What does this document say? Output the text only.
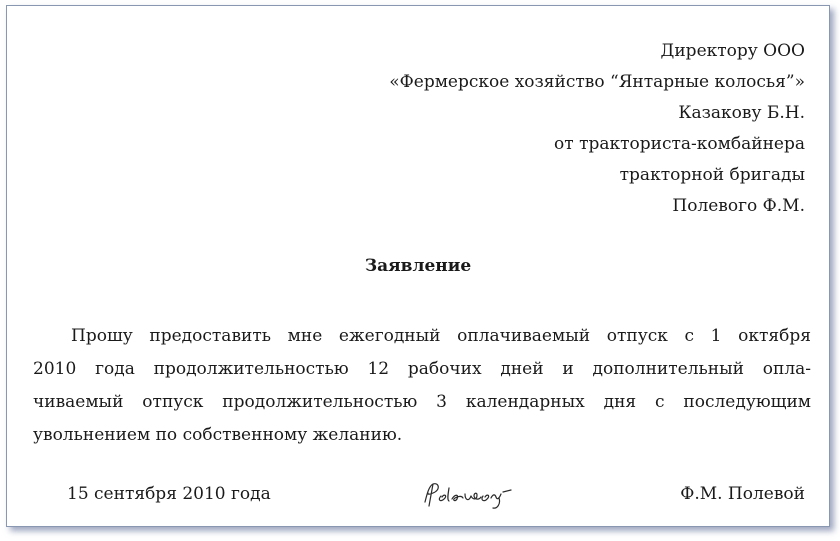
Директору ООО
«Фермерское хозяйство “Янтарные колосья”»
Казакову Б.Н.
от тракториста-комбайнера
тракторной бригады
Полевого Ф.М.
Заявление
Прошу предоставить мне ежегодный оплачиваемый отпуск с 1 октября
2010 года продолжительностью 12 рабочих дней и дополнительный опла-
чиваемый отпуск продолжительностью 3 календарных дня с последующим
увольнением по собственному желанию.
15 сентября 2010 года	Ф.М. Полевой
